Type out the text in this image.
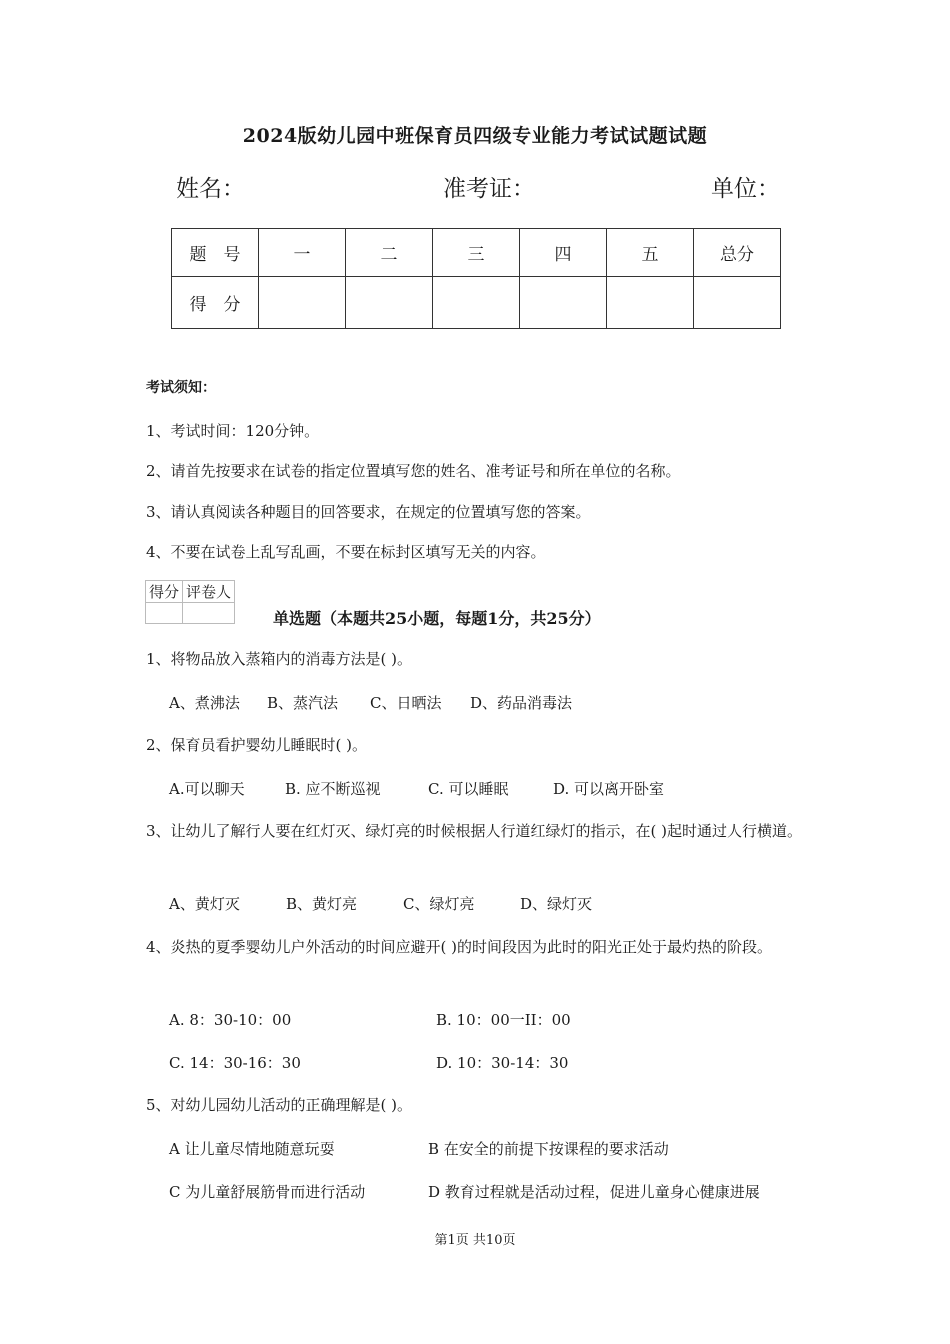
2024版幼儿园中班保育员四级专业能力考试试题试题
姓名：	准考证：	单位：
题　号	一	二	三	四	五	总分
得　分						
考试须知：
1、考试时间：120分钟。
2、请首先按要求在试卷的指定位置填写您的姓名、准考证号和所在单位的名称。
3、请认真阅读各种题目的回答要求，在规定的位置填写您的答案。
4、不要在试卷上乱写乱画，不要在标封区填写无关的内容。
得分	评卷人

单选题（本题共25小题，每题1分，共25分）
1、将物品放入蒸箱内的消毒方法是( )。
A、煮沸法 B、蒸汽法 C、日晒法 D、药品消毒法
2、保育员看护婴幼儿睡眠时( )。
A.可以聊天	B. 应不断巡视	C. 可以睡眠	D. 可以离开卧室
3、让幼儿了解行人要在红灯灭、绿灯亮的时候根据人行道红绿灯的指示，在( )起时通过人行横道。
A、黄灯灭	B、黄灯亮	C、绿灯亮	D、绿灯灭
4、炎热的夏季婴幼儿户外活动的时间应避开( )的时间段因为此时的阳光正处于最灼热的阶段。
A. 8：30-10：00	B. 10：00一II：00
C. 14：30-16：30	D. 10：30-14：30
5、对幼儿园幼儿活动的正确理解是( )。
A 让儿童尽情地随意玩耍	B 在安全的前提下按课程的要求活动
C 为儿童舒展筋骨而进行活动	D 教育过程就是活动过程，促进儿童身心健康进展
第1页 共10页
